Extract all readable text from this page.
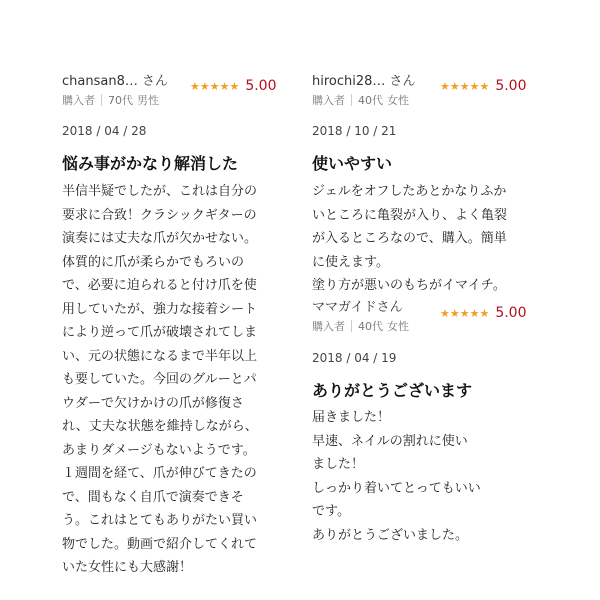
chansan8… さん
購入者 70代 男性
★★★★★ 5.00
2018 / 04 / 28
悩み事がかなり解消した
半信半疑でしたが、これは自分の
要求に合致！クラシックギターの
演奏には丈夫な爪が欠かせない。
体質的に爪が柔らかでもろいの
で、必要に迫られると付け爪を使
用していたが、強力な接着シート
により逆って爪が破壊されてしま
い、元の状態になるまで半年以上
も要していた。今回のグルーとパ
ウダーで欠けかけの爪が修復さ
れ、丈夫な状態を維持しながら、
あまりダメージもないようです。
１週間を経て、爪が伸びてきたの
で、間もなく自爪で演奏できそ
う。これはとてもありがたい買い
物でした。動画で紹介してくれて
いた女性にも大感謝！
hirochi28… さん
購入者 40代 女性
★★★★★ 5.00
2018 / 10 / 21
使いやすい
ジェルをオフしたあとかなりふか
いところに亀裂が入り、よく亀裂
が入るところなので、購入。簡単
に使えます。
塗り方が悪いのもちがイマイチ。
ママガイドさん
購入者 40代 女性
★★★★★ 5.00
2018 / 04 / 19
ありがとうございます
届きました！
早速、ネイルの割れに使い
ました！
しっかり着いてとってもいい
です。
ありがとうございました。
